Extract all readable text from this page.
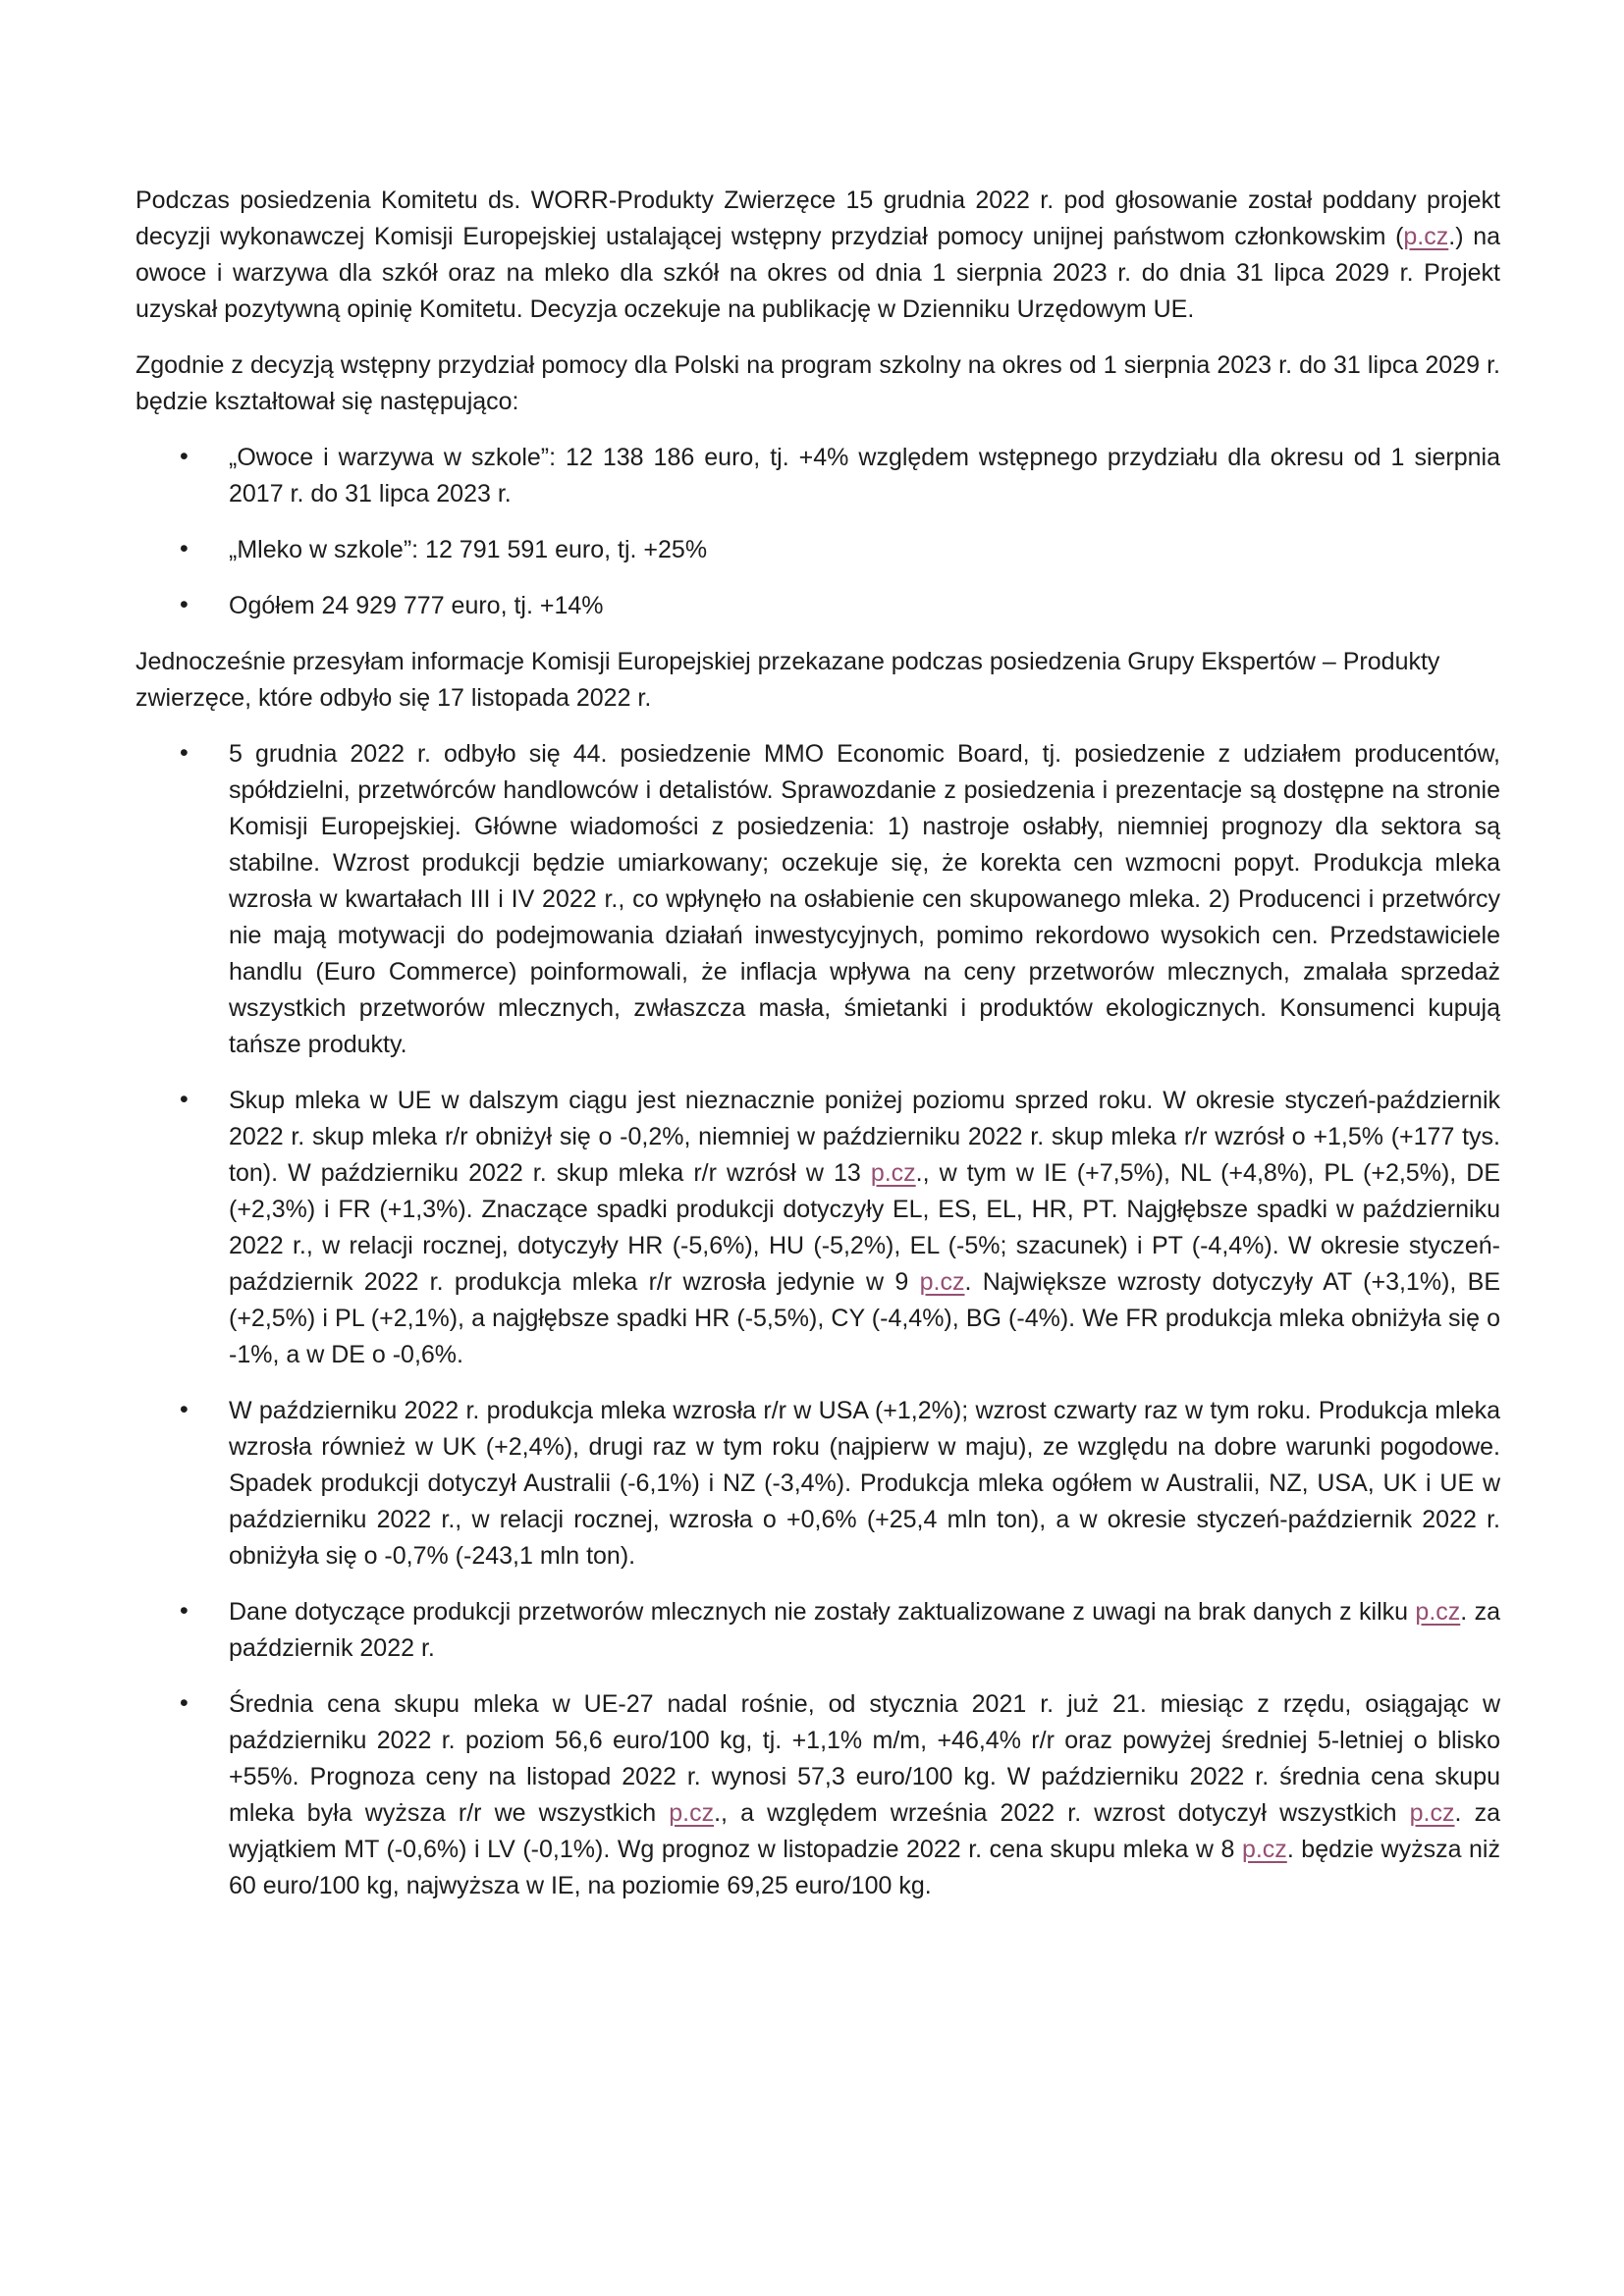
Podczas posiedzenia Komitetu ds. WORR-Produkty Zwierzęce 15 grudnia 2022 r. pod głosowanie został poddany projekt decyzji wykonawczej Komisji Europejskiej ustalającej wstępny przydział pomocy unijnej państwom członkowskim (p.cz.) na owoce i warzywa dla szkół oraz na mleko dla szkół na okres od dnia 1 sierpnia 2023 r. do dnia 31 lipca 2029 r. Projekt uzyskał pozytywną opinię Komitetu. Decyzja oczekuje na publikację w Dzienniku Urzędowym UE.
Zgodnie z decyzją wstępny przydział pomocy dla Polski na program szkolny na okres od 1 sierpnia 2023 r. do 31 lipca 2029 r. będzie kształtował się następująco:
• „Owoce i warzywa w szkole”: 12 138 186 euro, tj. +4% względem wstępnego przydziału dla okresu od 1 sierpnia 2017 r. do 31 lipca 2023 r.
• „Mleko w szkole”: 12 791 591 euro, tj. +25%
• Ogółem 24 929 777 euro, tj. +14%
Jednocześnie przesyłam informacje Komisji Europejskiej przekazane podczas posiedzenia Grupy Ekspertów – Produkty zwierzęce, które odbyło się 17 listopada 2022 r.
• 5 grudnia 2022 r. odbyło się 44. posiedzenie MMO Economic Board, tj. posiedzenie z udziałem producentów, spółdzielni, przetwórców handlowców i detalistów. Sprawozdanie z posiedzenia i prezentacje są dostępne na stronie Komisji Europejskiej. Główne wiadomości z posiedzenia: 1) nastroje osłabły, niemniej prognozy dla sektora są stabilne. Wzrost produkcji będzie umiarkowany; oczekuje się, że korekta cen wzmocni popyt. Produkcja mleka wzrosła w kwartałach III i IV 2022 r., co wpłynęło na osłabienie cen skupowanego mleka. 2) Producenci i przetwórcy nie mają motywacji do podejmowania działań inwestycyjnych, pomimo rekordowo wysokich cen. Przedstawiciele handlu (Euro Commerce) poinformowali, że inflacja wpływa na ceny przetworów mlecznych, zmalała sprzedaż wszystkich przetworów mlecznych, zwłaszcza masła, śmietanki i produktów ekologicznych. Konsumenci kupują tańsze produkty.
• Skup mleka w UE w dalszym ciągu jest nieznacznie poniżej poziomu sprzed roku. W okresie styczeń-październik 2022 r. skup mleka r/r obniżył się o -0,2%, niemniej w październiku 2022 r. skup mleka r/r wzrósł o +1,5% (+177 tys. ton). W październiku 2022 r. skup mleka r/r wzrósł w 13 p.cz., w tym w IE (+7,5%), NL (+4,8%), PL (+2,5%), DE (+2,3%) i FR (+1,3%). Znaczące spadki produkcji dotyczyły EL, ES, EL, HR, PT. Najgłębsze spadki w październiku 2022 r., w relacji rocznej, dotyczyły HR (-5,6%), HU (-5,2%), EL (-5%; szacunek) i PT (-4,4%). W okresie styczeń-październik 2022 r. produkcja mleka r/r wzrosła jedynie w 9 p.cz. Największe wzrosty dotyczyły AT (+3,1%), BE (+2,5%) i PL (+2,1%), a najgłębsze spadki HR (-5,5%), CY (-4,4%), BG (-4%). We FR produkcja mleka obniżyła się o -1%, a w DE o -0,6%.
• W październiku 2022 r. produkcja mleka wzrosła r/r w USA (+1,2%); wzrost czwarty raz w tym roku. Produkcja mleka wzrosła również w UK (+2,4%), drugi raz w tym roku (najpierw w maju), ze względu na dobre warunki pogodowe. Spadek produkcji dotyczył Australii (-6,1%) i NZ (-3,4%). Produkcja mleka ogółem w Australii, NZ, USA, UK i UE w październiku 2022 r., w relacji rocznej, wzrosła o +0,6% (+25,4 mln ton), a w okresie styczeń-październik 2022 r. obniżyła się o -0,7% (-243,1 mln ton).
• Dane dotyczące produkcji przetworów mlecznych nie zostały zaktualizowane z uwagi na brak danych z kilku p.cz. za październik 2022 r.
• Średnia cena skupu mleka w UE-27 nadal rośnie, od stycznia 2021 r. już 21. miesiąc z rzędu, osiągając w październiku 2022 r. poziom 56,6 euro/100 kg, tj. +1,1% m/m, +46,4% r/r oraz powyżej średniej 5-letniej o blisko +55%. Prognoza ceny na listopad 2022 r. wynosi 57,3 euro/100 kg. W październiku 2022 r. średnia cena skupu mleka była wyższa r/r we wszystkich p.cz., a względem września 2022 r. wzrost dotyczył wszystkich p.cz. za wyjątkiem MT (-0,6%) i LV (-0,1%). Wg prognoz w listopadzie 2022 r. cena skupu mleka w 8 p.cz. będzie wyższa niż 60 euro/100 kg, najwyższa w IE, na poziomie 69,25 euro/100 kg.
